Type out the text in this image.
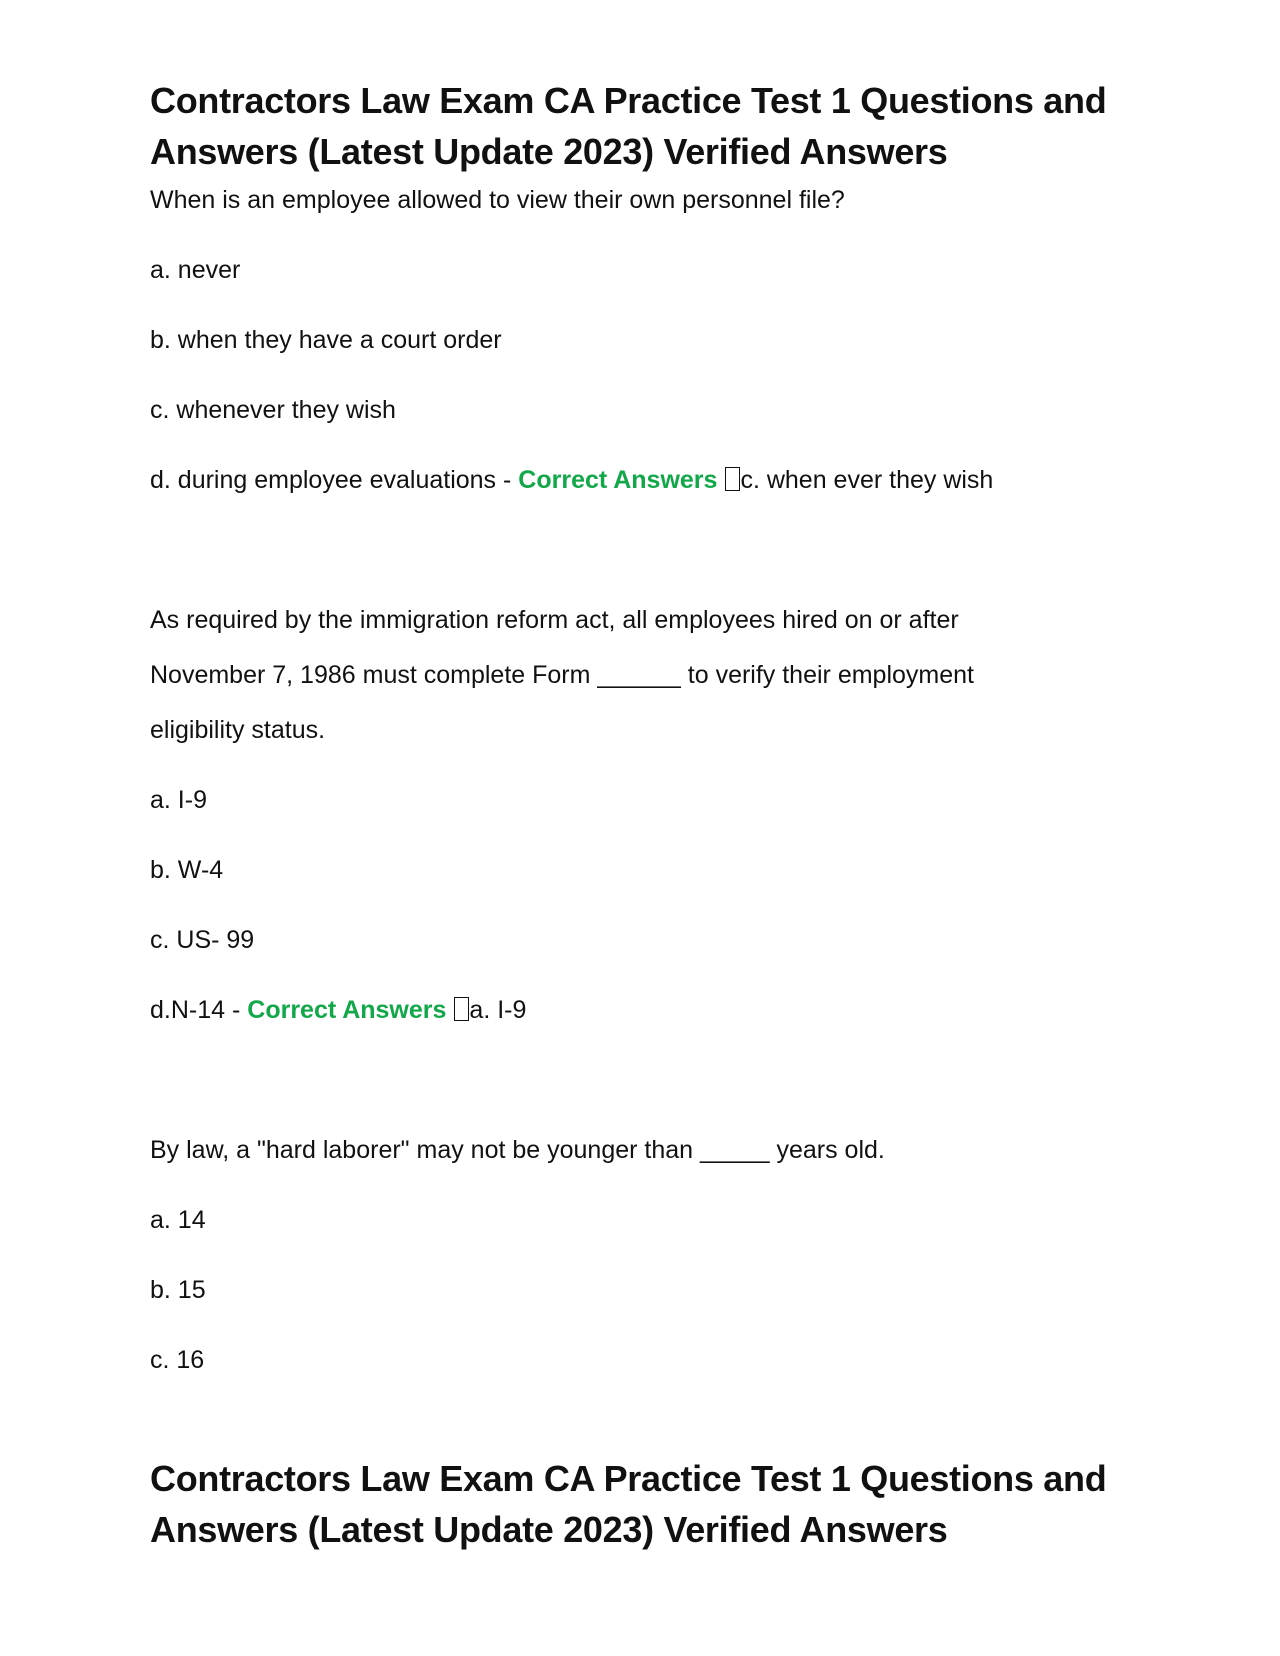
Contractors Law Exam CA Practice Test 1 Questions and Answers (Latest Update 2023) Verified Answers
When is an employee allowed to view their own personnel file?
a. never
b. when they have a court order
c. whenever they wish
d. during employee evaluations - Correct Answers c. when ever they wish
As required by the immigration reform act, all employees hired on or after
November 7, 1986 must complete Form ______ to verify their employment
eligibility status.
a. I-9
b. W-4
c. US- 99
d.N-14 - Correct Answers a. I-9
By law, a "hard laborer" may not be younger than _____ years old.
a. 14
b. 15
c. 16
Contractors Law Exam CA Practice Test 1 Questions and Answers (Latest Update 2023) Verified Answers
